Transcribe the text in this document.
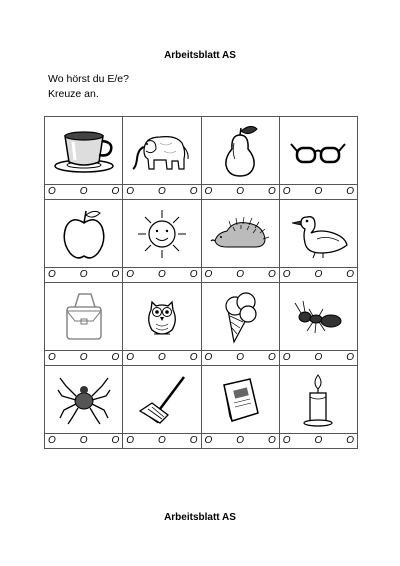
Arbeitsblatt AS
Wo hörst du E/e?
Kreuze an.

O O O	O O O	O O O	O O O

O O O	O O O	O O O	O O O

O O O	O O O	O O O	O O O

O O O	O O O	O O O	O O O
Arbeitsblatt AS
